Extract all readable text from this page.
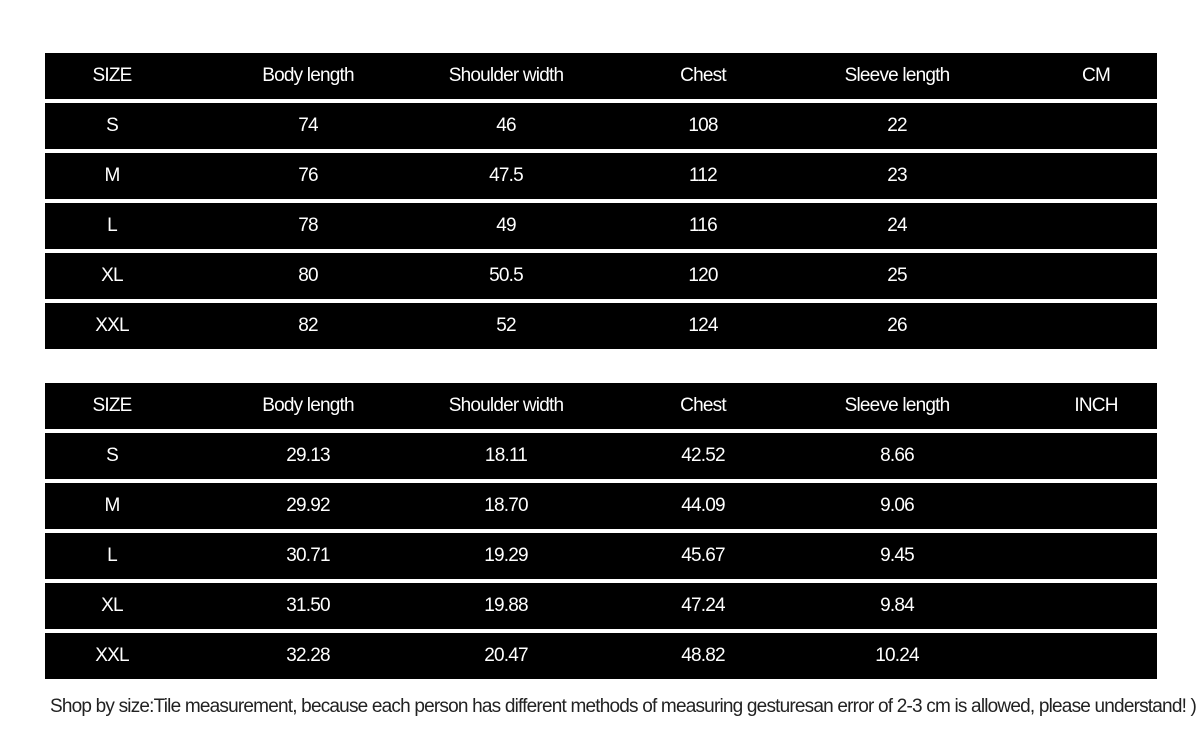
SIZE	Body length	Shoulder width	Chest	Sleeve length	CM
S	74	46	108	22
M	76	47.5	112	23
L	78	49	116	24
XL	80	50.5	120	25
XXL	82	52	124	26
SIZE	Body length	Shoulder width	Chest	Sleeve length	INCH
S	29.13	18.11	42.52	8.66
M	29.92	18.70	44.09	9.06
L	30.71	19.29	45.67	9.45
XL	31.50	19.88	47.24	9.84
XXL	32.28	20.47	48.82	10.24
Shop by size:Tile measurement, because each person has different methods of measuring gesturesan error of 2-3 cm is allowed, please understand! )
